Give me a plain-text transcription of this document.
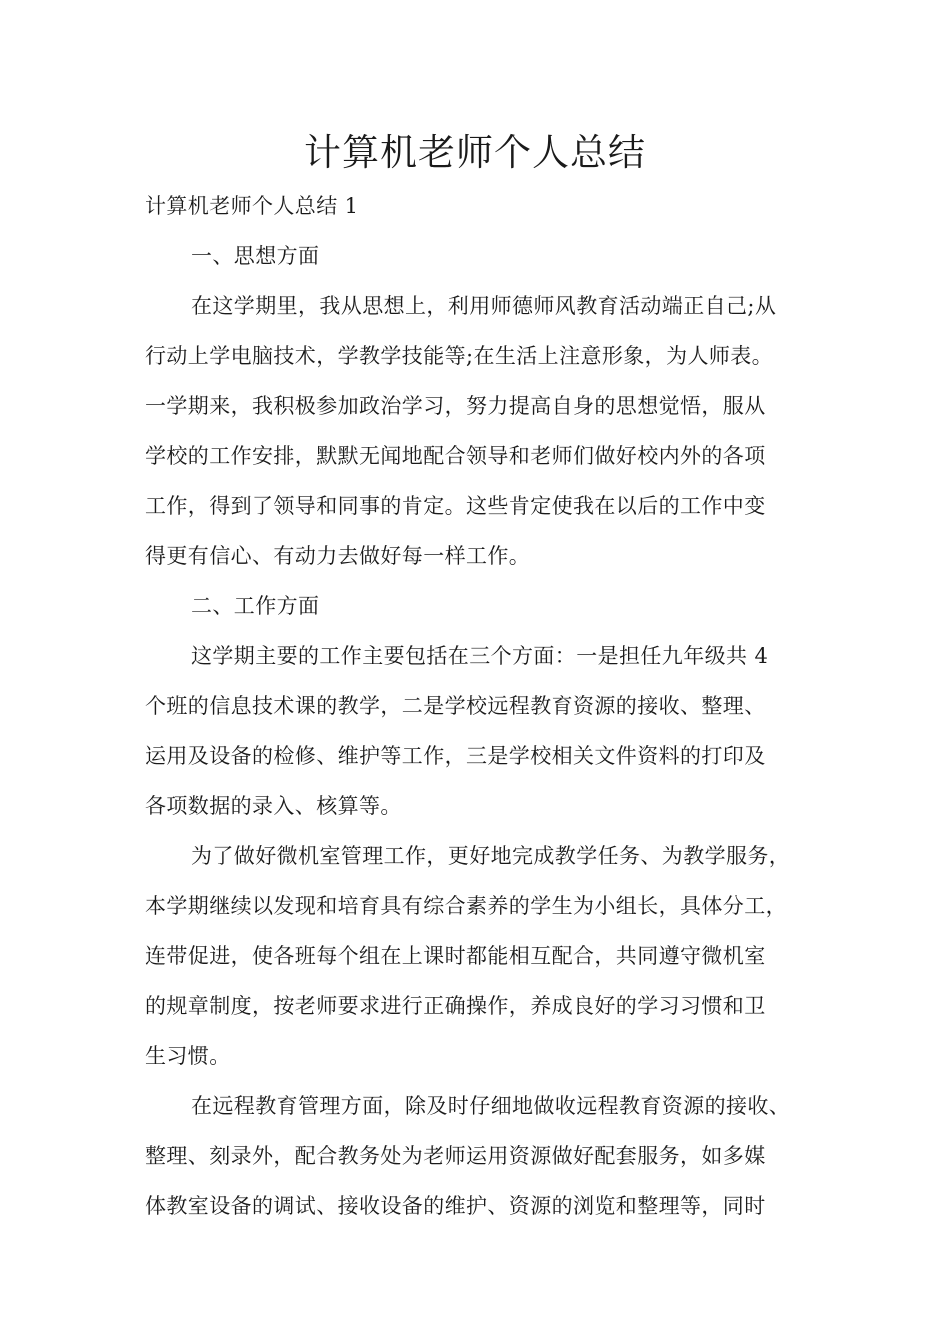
计算机老师个人总结
计算机老师个人总结 1
一、思想方面
在这学期里，我从思想上，利用师德师风教育活动端正自己;从
行动上学电脑技术，学教学技能等;在生活上注意形象，为人师表。
一学期来，我积极参加政治学习，努力提高自身的思想觉悟，服从
学校的工作安排，默默无闻地配合领导和老师们做好校内外的各项
工作，得到了领导和同事的肯定。这些肯定使我在以后的工作中变
得更有信心、有动力去做好每一样工作。
二、工作方面
这学期主要的工作主要包括在三个方面：一是担任九年级共 4
个班的信息技术课的教学，二是学校远程教育资源的接收、整理、
运用及设备的检修、维护等工作，三是学校相关文件资料的打印及
各项数据的录入、核算等。
为了做好微机室管理工作，更好地完成教学任务、为教学服务，
本学期继续以发现和培育具有综合素养的学生为小组长，具体分工，
连带促进，使各班每个组在上课时都能相互配合，共同遵守微机室
的规章制度，按老师要求进行正确操作，养成良好的学习习惯和卫
生习惯。
在远程教育管理方面，除及时仔细地做收远程教育资源的接收、
整理、刻录外，配合教务处为老师运用资源做好配套服务，如多媒
体教室设备的调试、接收设备的维护、资源的浏览和整理等，同时
